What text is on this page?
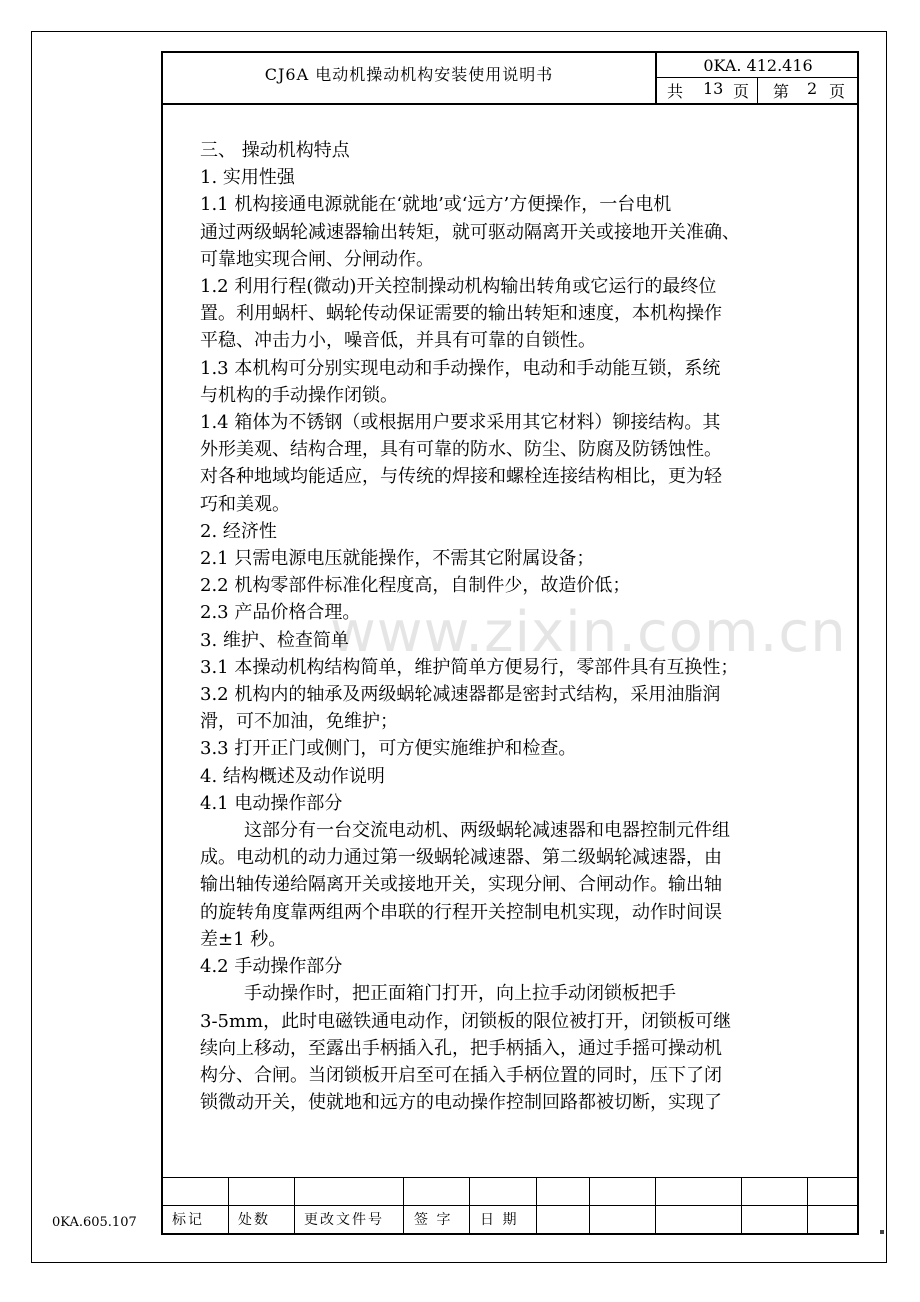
CJ6A 电动机操动机构安装使用说明书	0KA. 412.416
共 13 页 第 2 页
www.zixin.com.cn

三、 操动机构特点

1. 实用性强

1.1 机构接通电源就能在‘就地’或‘远方’方便操作，一台电机

通过两级蜗轮减速器输出转矩，就可驱动隔离开关或接地开关准确、

可靠地实现合闸、分闸动作。

1.2 利用行程(微动)开关控制操动机构输出转角或它运行的最终位

置。利用蜗杆、蜗轮传动保证需要的输出转矩和速度，本机构操作

平稳、冲击力小，噪音低，并具有可靠的自锁性。

1.3 本机构可分别实现电动和手动操作，电动和手动能互锁，系统

与机构的手动操作闭锁。

1.4 箱体为不锈钢（或根据用户要求采用其它材料）铆接结构。其

外形美观、结构合理，具有可靠的防水、防尘、防腐及防锈蚀性。

对各种地域均能适应，与传统的焊接和螺栓连接结构相比，更为轻

巧和美观。

2. 经济性

2.1 只需电源电压就能操作，不需其它附属设备；

2.2 机构零部件标准化程度高，自制件少，故造价低；

2.3 产品价格合理。

3. 维护、检查简单

3.1 本操动机构结构简单，维护简单方便易行，零部件具有互换性；

3.2 机构内的轴承及两级蜗轮减速器都是密封式结构，采用油脂润

滑，可不加油，免维护；

3.3 打开正门或侧门，可方便实施维护和检查。

4. 结构概述及动作说明

4.1 电动操作部分

这部分有一台交流电动机、两级蜗轮减速器和电器控制元件组

成。电动机的动力通过第一级蜗轮减速器、第二级蜗轮减速器，由

输出轴传递给隔离开关或接地开关，实现分闸、合闸动作。输出轴

的旋转角度靠两组两个串联的行程开关控制电机实现，动作时间误

差±1 秒。

4.2 手动操作部分

手动操作时，把正面箱门打开，向上拉手动闭锁板把手

3-5mm，此时电磁铁通电动作，闭锁板的限位被打开，闭锁板可继

续向上移动，至露出手柄插入孔，把手柄插入，通过手摇可操动机

构分、合闸。当闭锁板开启至可在插入手柄位置的同时，压下了闭

锁微动开关，使就地和远方的电动操作控制回路都被切断，实现了

标记 处数 更改文件号 签 字 日 期
0KA.605.107
